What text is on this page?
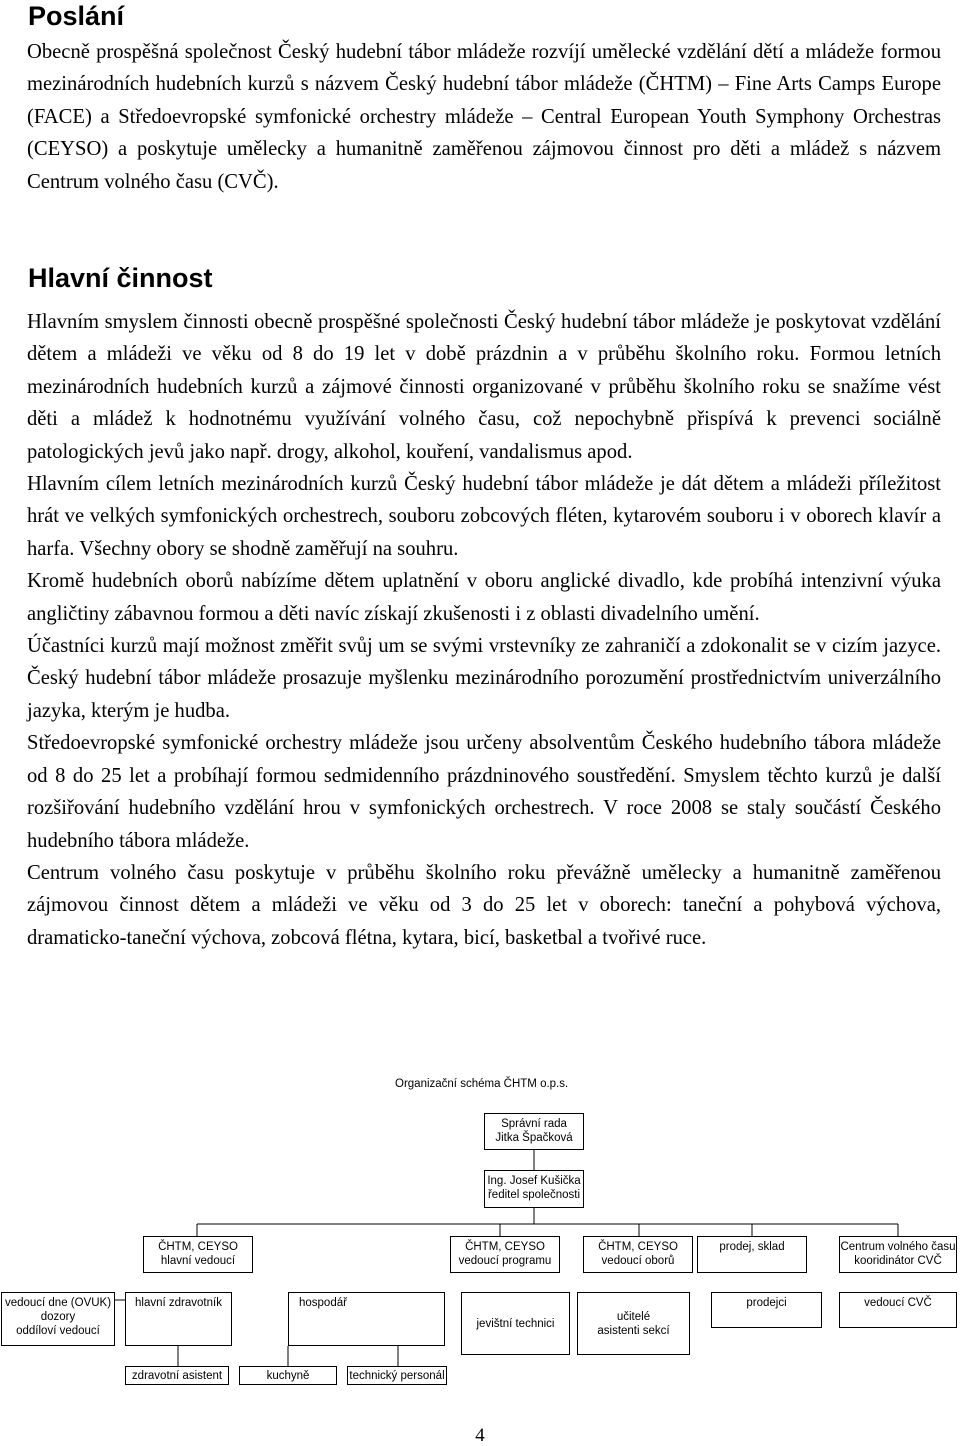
Poslání

Obecně prospěšná společnost Český hudební tábor mládeže rozvíjí umělecké vzdělání dětí a mládeže formou mezinárodních hudebních kurzů s názvem Český hudební tábor mládeže (ČHTM) – Fine Arts Camps Europe (FACE) a Středoevropské symfonické orchestry mládeže – Central European Youth Symphony Orchestras (CEYSO) a poskytuje umělecky a humanitně zaměřenou zájmovou činnost pro děti a mládež s názvem Centrum volného času (CVČ).

Hlavní činnost

Hlavním smyslem činnosti obecně prospěšné společnosti Český hudební tábor mládeže je poskytovat vzdělání dětem a mládeži ve věku od 8 do 19 let v době prázdnin a v průběhu školního roku. Formou letních mezinárodních hudebních kurzů a zájmové činnosti organizované v průběhu školního roku se snažíme vést děti a mládež k hodnotnému využívání volného času, což nepochybně přispívá k prevenci sociálně patologických jevů jako např. drogy, alkohol, kouření, vandalismus apod.

Hlavním cílem letních mezinárodních kurzů Český hudební tábor mládeže je dát dětem a mládeži příležitost hrát ve velkých symfonických orchestrech, souboru zobcových fléten, kytarovém souboru i v oborech klavír a harfa. Všechny obory se shodně zaměřují na souhru.

Kromě hudebních oborů nabízíme dětem uplatnění v oboru anglické divadlo, kde probíhá intenzivní výuka angličtiny zábavnou formou a děti navíc získají zkušenosti i z oblasti divadelního umění.

Účastníci kurzů mají možnost změřit svůj um se svými vrstevníky ze zahraničí a zdokonalit se v cizím jazyce. Český hudební tábor mládeže prosazuje myšlenku mezinárodního porozumění prostřednictvím univerzálního jazyka, kterým je hudba.

Středoevropské symfonické orchestry mládeže jsou určeny absolventům Českého hudebního tábora mládeže od 8 do 25 let a probíhají formou sedmidenního prázdninového soustředění. Smyslem těchto kurzů je další rozšiřování hudebního vzdělání hrou v symfonických orchestrech. V roce 2008 se staly součástí Českého hudebního tábora mládeže.

Centrum volného času poskytuje v průběhu školního roku převážně umělecky a humanitně zaměřenou zájmovou činnost dětem a mládeži ve věku od 3 do 25 let v oborech: taneční a pohybová výchova, dramaticko-taneční výchova, zobcová flétna, kytara, bicí, basketbal a tvořivé ruce.

Organizační schéma ČHTM o.p.s.
Správní rada
Jitka Špačková
Ing. Josef Kušička
ředitel společnosti
ČHTM, CEYSO
hlavní vedoucí
ČHTM, CEYSO
vedoucí programu
ČHTM, CEYSO
vedoucí oborů
prodej, sklad	Centrum volného času
kooridinátor CVČ
vedoucí dne (OVUK)
dozory
oddíloví vedoucí
hlavní zdravotník	hospodář
jevištní technici
učitelé
asistenti sekcí
prodejci	vedoucí CVČ
zdravotní asistent	kuchyně	technický personál
4
